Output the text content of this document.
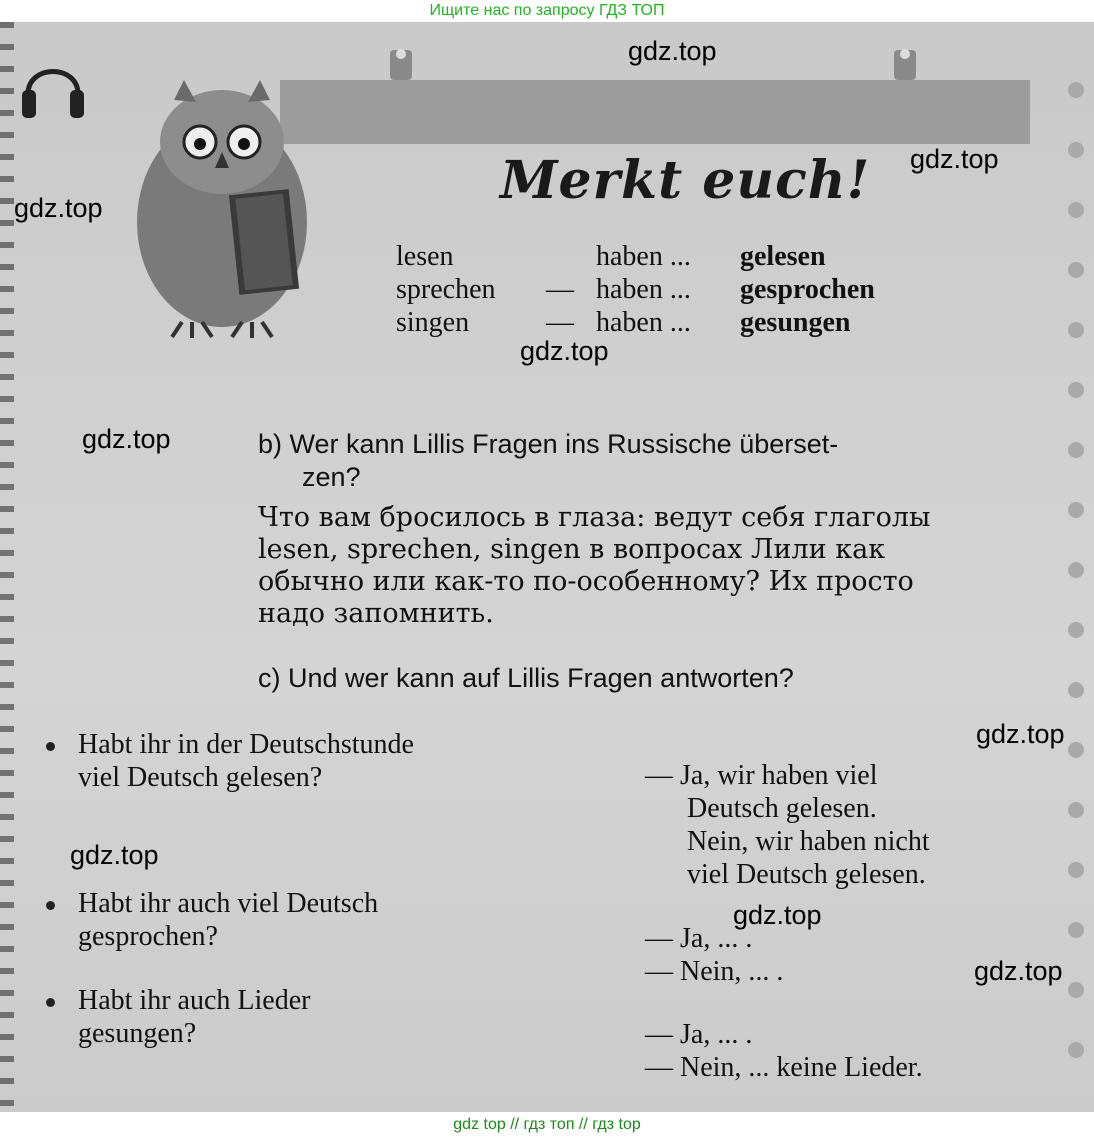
Ищите нас по запросу ГДЗ ТОП
Merkt euch!
lesen	haben ... gelesen
sprechen — haben ... gesprochen
singen	— haben ... gesungen
b) Wer kann Lillis Fragen ins Russische überset-
zen?
Что вам бросилось в глаза: ведут себя глаголы
lesen, sprechen, singen в вопросах Лили как
обычно или как-то по-особенному? Их просто
надо запомнить.
c) Und wer kann auf Lillis Fragen antworten?
Habt ihr in der Deutschstunde
viel Deutsch gelesen?
Habt ihr auch viel Deutsch
gesprochen?
Habt ihr auch Lieder
gesungen?
— Ja, wir haben viel
Deutsch gelesen.
Nein, wir haben nicht
viel Deutsch gelesen.
— Ja, ... .
— Nein, ... .
— Ja, ... .
— Nein, ... keine Lieder.
gdz.top
gdz.top
gdz.top
gdz.top
gdz.top
gdz.top
gdz.top
gdz.top
gdz.top
gdz top // гдз топ // гдз top
